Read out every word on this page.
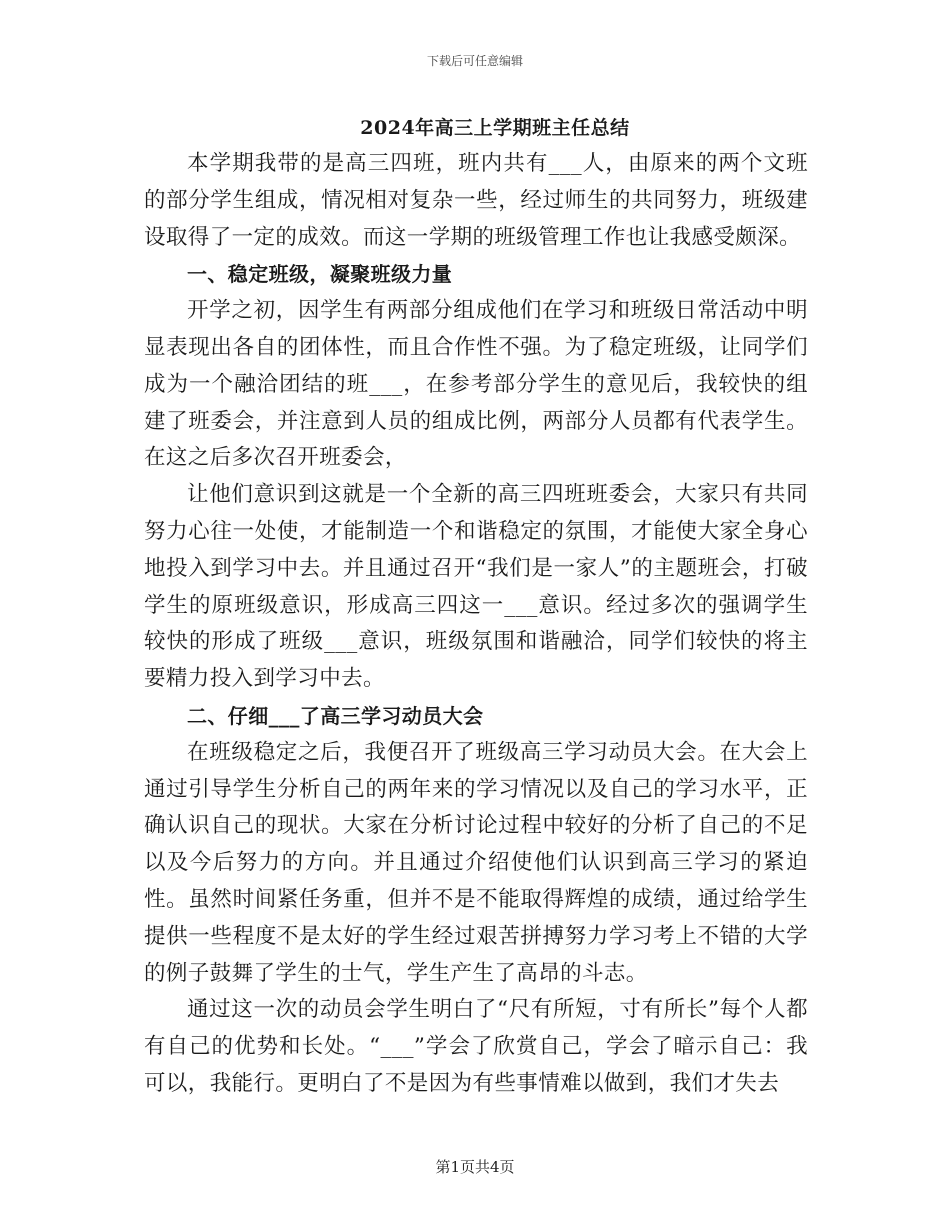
下载后可任意编辑
2024年高三上学期班主任总结

本学期我带的是高三四班，班内共有___人，由原来的两个文班的部分学生组成，情况相对复杂一些，经过师生的共同努力，班级建设取得了一定的成效。而这一学期的班级管理工作也让我感受颇深。

一、稳定班级，凝聚班级力量

开学之初，因学生有两部分组成他们在学习和班级日常活动中明显表现出各自的团体性，而且合作性不强。为了稳定班级，让同学们成为一个融洽团结的班___，在参考部分学生的意见后，我较快的组建了班委会，并注意到人员的组成比例，两部分人员都有代表学生。在这之后多次召开班委会，

让他们意识到这就是一个全新的高三四班班委会，大家只有共同努力心往一处使，才能制造一个和谐稳定的氛围，才能使大家全身心地投入到学习中去。并且通过召开“我们是一家人”的主题班会，打破学生的原班级意识，形成高三四这一___意识。经过多次的强调学生较快的形成了班级___意识，班级氛围和谐融洽，同学们较快的将主要精力投入到学习中去。

二、仔细___了高三学习动员大会

在班级稳定之后，我便召开了班级高三学习动员大会。在大会上通过引导学生分析自己的两年来的学习情况以及自己的学习水平，正确认识自己的现状。大家在分析讨论过程中较好的分析了自己的不足以及今后努力的方向。并且通过介绍使他们认识到高三学习的紧迫性。虽然时间紧任务重，但并不是不能取得辉煌的成绩，通过给学生提供一些程度不是太好的学生经过艰苦拼搏努力学习考上不错的大学的例子鼓舞了学生的士气，学生产生了高昂的斗志。

通过这一次的动员会学生明白了“尺有所短，寸有所长”每个人都有自己的优势和长处。“___”学会了欣赏自己，学会了暗示自己：我可以，我能行。更明白了不是因为有些事情难以做到，我们才失去

第1页共4页
